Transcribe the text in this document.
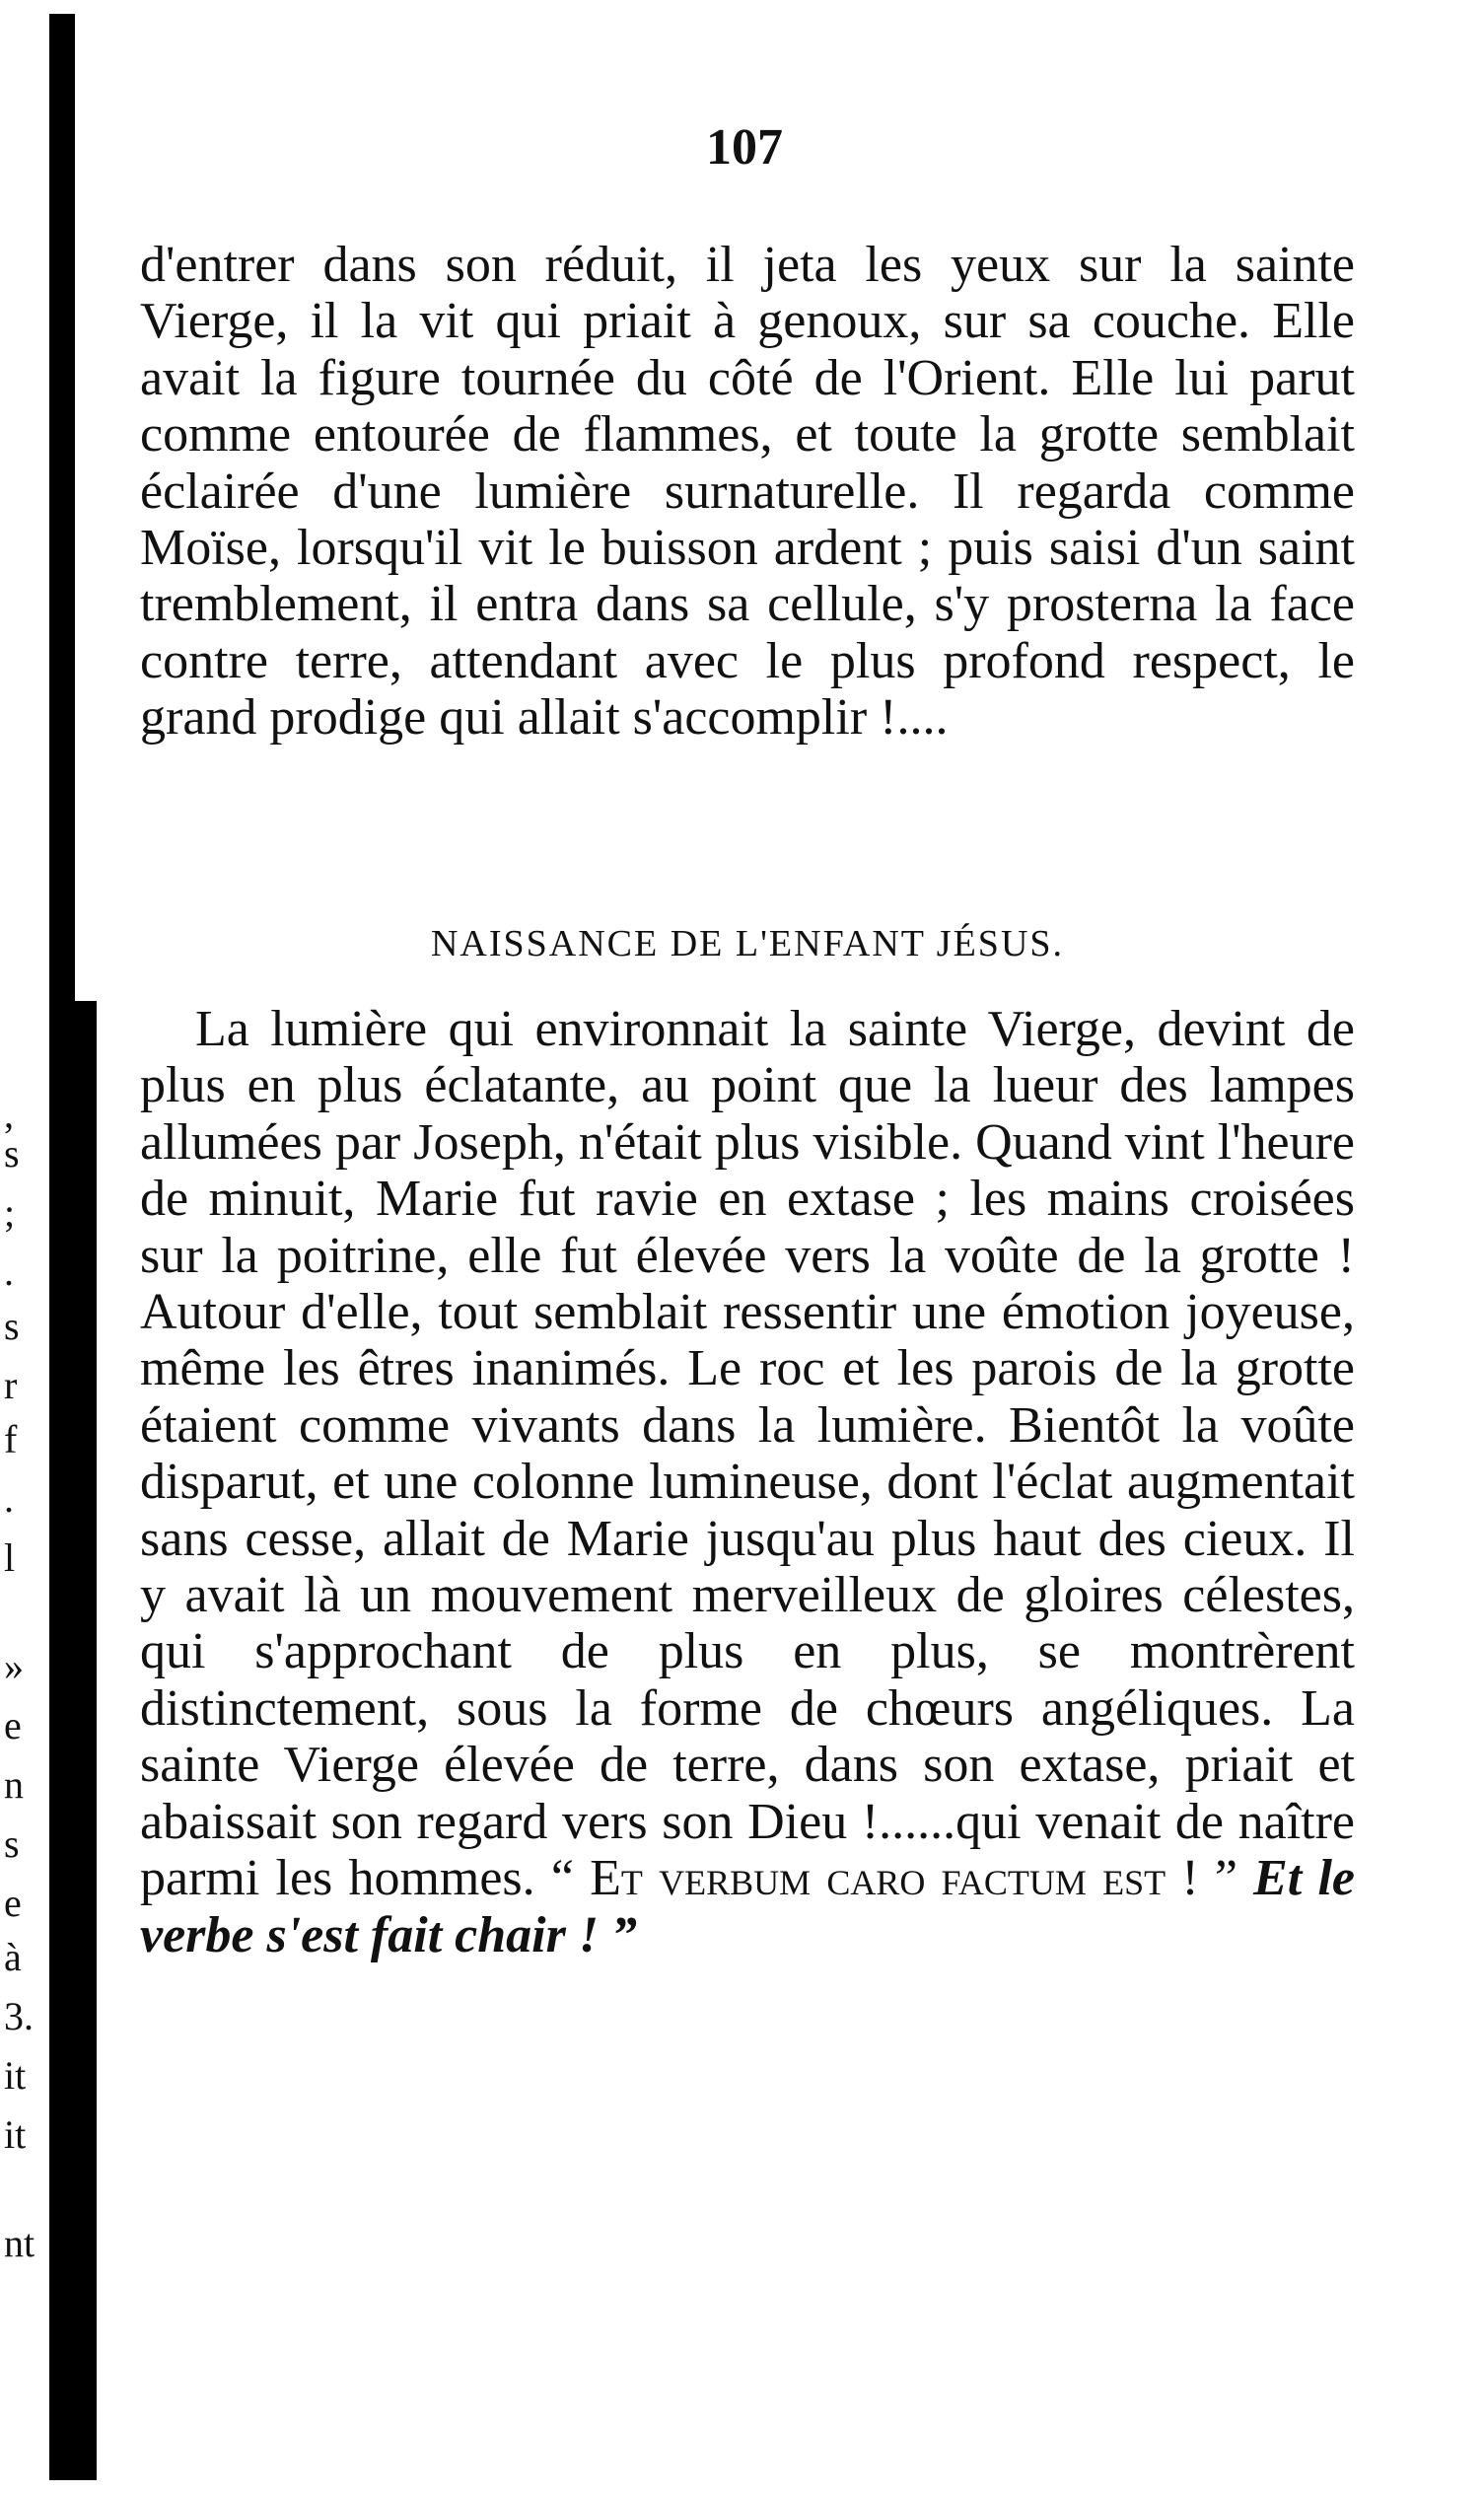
,
s
;
.
s
r
f
.
l
»
e
n
s
e
à
3.
it
it
nt
107

d'entrer dans son réduit, il jeta les yeux sur la sainte Vierge, il la vit qui priait à genoux, sur sa couche. Elle avait la figure tournée du côté de l'Orient. Elle lui parut comme entourée de flammes, et toute la grotte semblait éclairée d'une lumière surnaturelle. Il regarda comme Moïse, lorsqu'il vit le buisson ardent ; puis saisi d'un saint tremblement, il entra dans sa cellule, s'y prosterna la face contre terre, attendant avec le plus profond respect, le grand prodige qui allait s'accomplir !....

NAISSANCE DE L'ENFANT JÉSUS.

La lumière qui environnait la sainte Vierge, devint de plus en plus éclatante, au point que la lueur des lampes allumées par Joseph, n'était plus visible. Quand vint l'heure de minuit, Marie fut ravie en extase ; les mains croisées sur la poitrine, elle fut élevée vers la voûte de la grotte ! Autour d'elle, tout semblait ressentir une émotion joyeuse, même les êtres inanimés. Le roc et les parois de la grotte étaient comme vivants dans la lumière. Bientôt la voûte disparut, et une colonne lumineuse, dont l'éclat augmentait sans cesse, allait de Marie jusqu'au plus haut des cieux. Il y avait là un mouvement merveilleux de gloires célestes, qui s'approchant de plus en plus, se montrèrent distinctement, sous la forme de chœurs angéliques. La sainte Vierge élevée de terre, dans son extase, priait et abaissait son regard vers son Dieu !......qui venait de naître parmi les hommes. “ Et verbum caro factum est ! ” Et le verbe s'est fait chair ! ”
